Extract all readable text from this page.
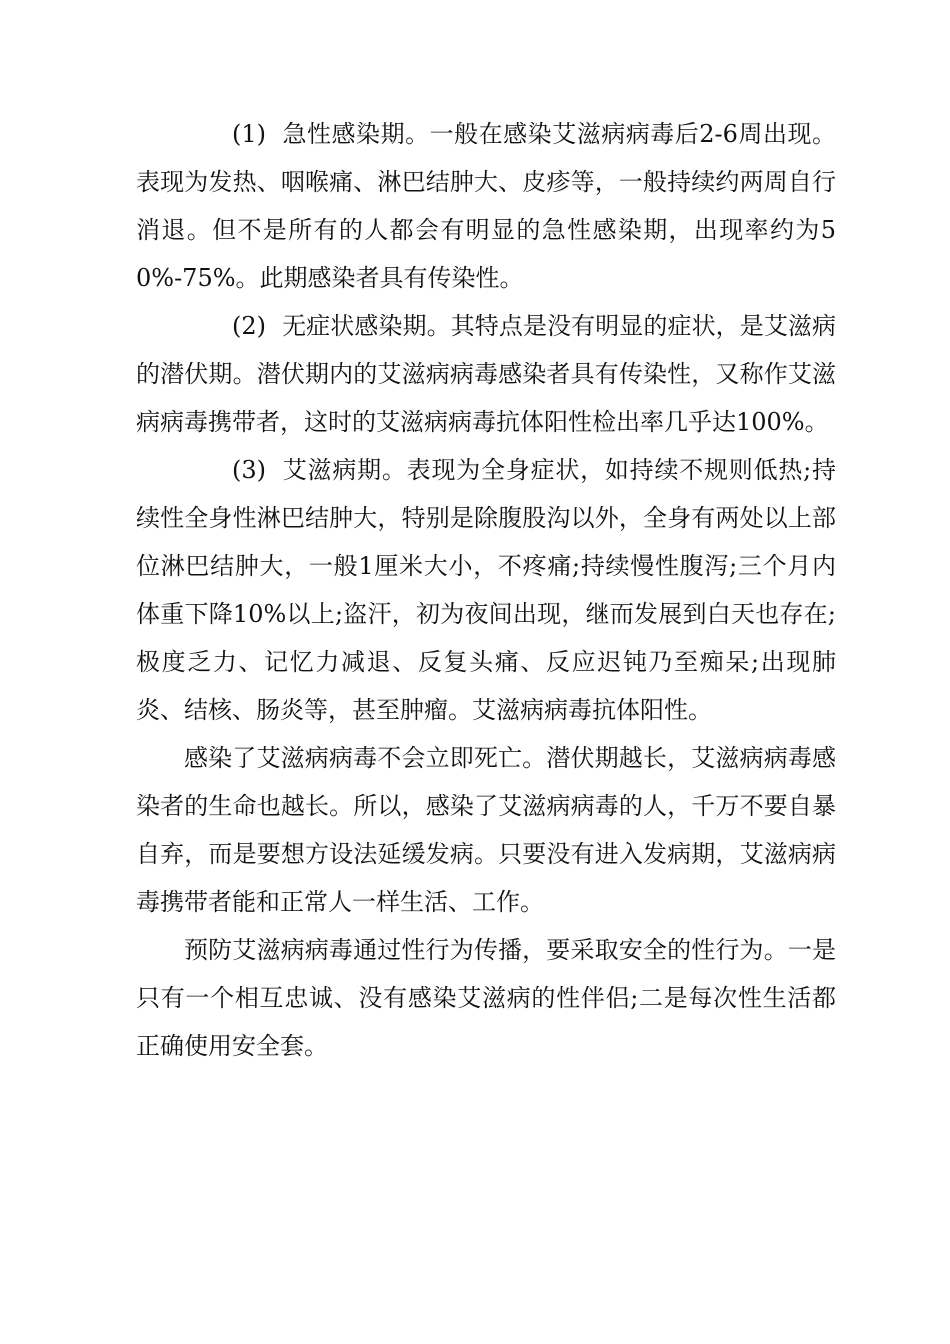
(1) 急性感染期。一般在感染艾滋病病毒后2-6周出现。表现为发热、咽喉痛、淋巴结肿大、皮疹等，一般持续约两周自行消退。但不是所有的人都会有明显的急性感染期，出现率约为50%-75%。此期感染者具有传染性。

(2) 无症状感染期。其特点是没有明显的症状，是艾滋病的潜伏期。潜伏期内的艾滋病病毒感染者具有传染性，又称作艾滋病病毒携带者，这时的艾滋病病毒抗体阳性检出率几乎达100%。

(3) 艾滋病期。表现为全身症状，如持续不规则低热;持续性全身性淋巴结肿大，特别是除腹股沟以外，全身有两处以上部位淋巴结肿大，一般1厘米大小，不疼痛;持续慢性腹泻;三个月内体重下降10%以上;盗汗，初为夜间出现，继而发展到白天也存在;极度乏力、记忆力减退、反复头痛、反应迟钝乃至痴呆;出现肺炎、结核、肠炎等，甚至肿瘤。艾滋病病毒抗体阳性。

感染了艾滋病病毒不会立即死亡。潜伏期越长，艾滋病病毒感染者的生命也越长。所以，感染了艾滋病病毒的人，千万不要自暴自弃，而是要想方设法延缓发病。只要没有进入发病期，艾滋病病毒携带者能和正常人一样生活、工作。

预防艾滋病病毒通过性行为传播，要采取安全的性行为。一是只有一个相互忠诚、没有感染艾滋病的性伴侣;二是每次性生活都正确使用安全套。
